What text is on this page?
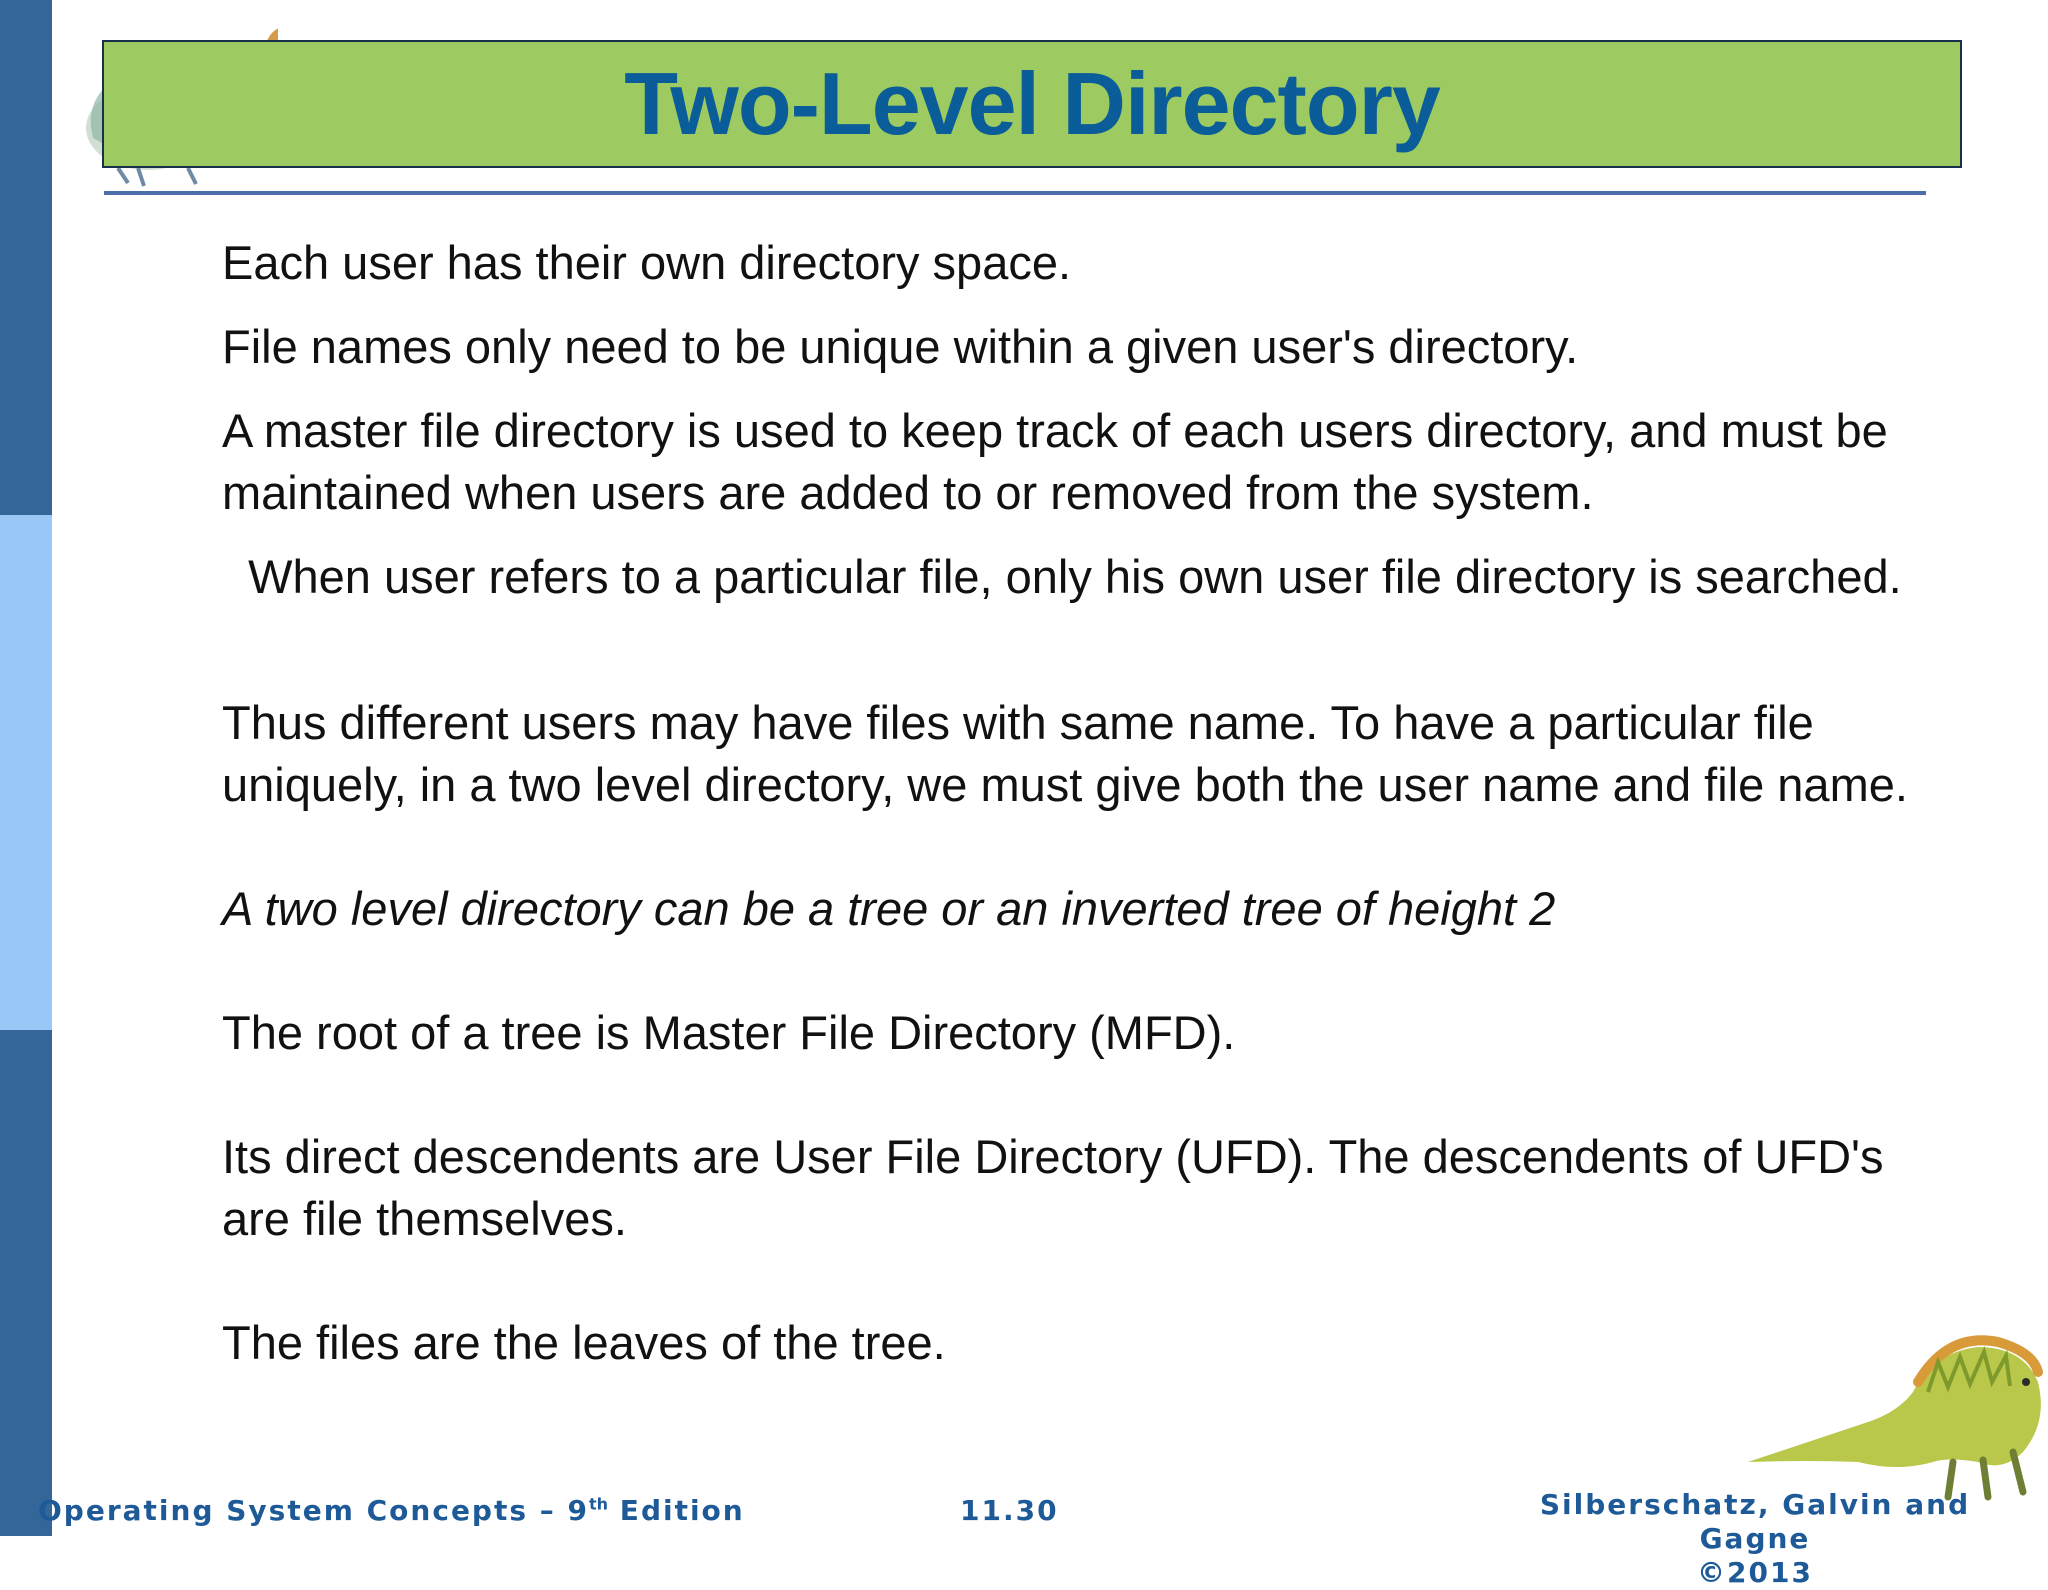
Two-Level Directory

Each user has their own directory space.

File names only need to be unique within a given user's directory.

A master file directory is used to keep track of each users directory, and must be maintained when users are added to or removed from the system.

When user refers to a particular file, only his own user file directory is searched.

Thus different users may have files with same name. To have a particular file uniquely, in a two level directory, we must give both the user name and file name.

A two level directory can be a tree or an inverted tree of height 2

The root of a tree is Master File Directory (MFD).

Its direct descendents are User File Directory (UFD). The descendents of UFD's are file themselves.

The files are the leaves of the tree.

Operating System Concepts – 9th Edition	11.30	Silberschatz, Galvin and Gagne
©2013
